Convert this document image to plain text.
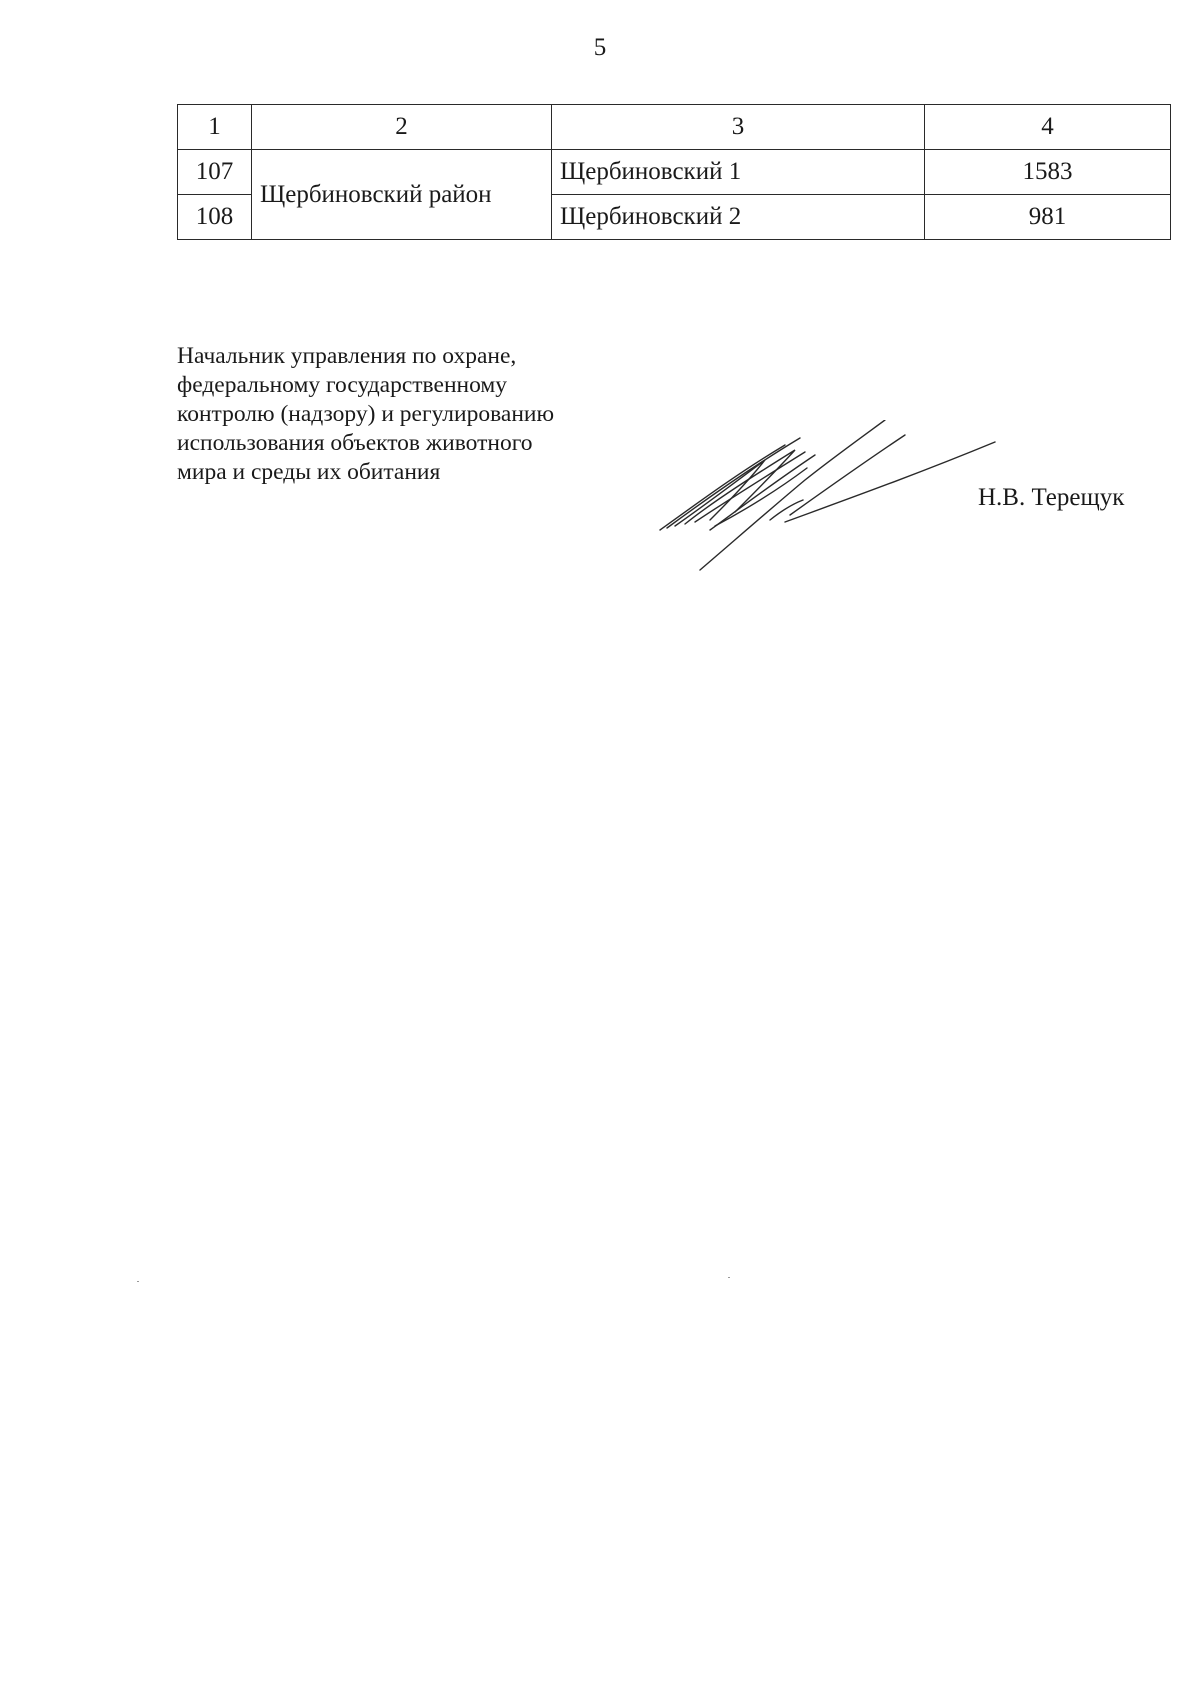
5
1	2	3	4
107	Щербиновский район	Щербиновский 1	1583
108		Щербиновский 2	981
Начальник управления по охране,
федеральному государственному
контролю (надзору) и регулированию
использования объектов животного
мира и среды их обитания
Н.В. Терещук
